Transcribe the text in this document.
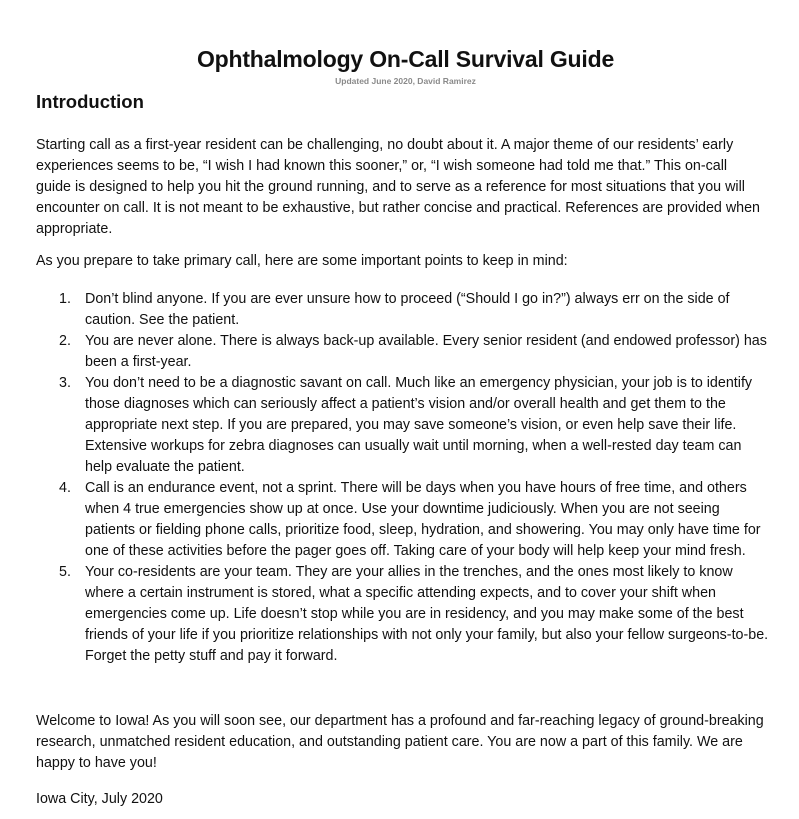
Ophthalmology On-Call Survival Guide
Updated June 2020, David Ramirez
Introduction

Starting call as a first-year resident can be challenging, no doubt about it. A major theme of our residents’ early experiences seems to be, “I wish I had known this sooner,” or, “I wish someone had told me that.” This on-call guide is designed to help you hit the ground running, and to serve as a reference for most situations that you will encounter on call. It is not meant to be exhaustive, but rather concise and practical. References are provided when appropriate.

As you prepare to take primary call, here are some important points to keep in mind:

1. Don’t blind anyone. If you are ever unsure how to proceed (“Should I go in?”) always err on the side of caution. See the patient.
2. You are never alone. There is always back-up available. Every senior resident (and endowed professor) has been a first-year.
3. You don’t need to be a diagnostic savant on call. Much like an emergency physician, your job is to identify those diagnoses which can seriously affect a patient’s vision and/or overall health and get them to the appropriate next step. If you are prepared, you may save someone’s vision, or even help save their life. Extensive workups for zebra diagnoses can usually wait until morning, when a well-rested day team can help evaluate the patient.
4. Call is an endurance event, not a sprint. There will be days when you have hours of free time, and others when 4 true emergencies show up at once. Use your downtime judiciously. When you are not seeing patients or fielding phone calls, prioritize food, sleep, hydration, and showering. You may only have time for one of these activities before the pager goes off. Taking care of your body will help keep your mind fresh.
5. Your co-residents are your team. They are your allies in the trenches, and the ones most likely to know where a certain instrument is stored, what a specific attending expects, and to cover your shift when emergencies come up. Life doesn’t stop while you are in residency, and you may make some of the best friends of your life if you prioritize relationships with not only your family, but also your fellow surgeons-to-be. Forget the petty stuff and pay it forward.

Welcome to Iowa! As you will soon see, our department has a profound and far-reaching legacy of ground-breaking research, unmatched resident education, and outstanding patient care. You are now a part of this family. We are happy to have you!

Iowa City, July 2020
